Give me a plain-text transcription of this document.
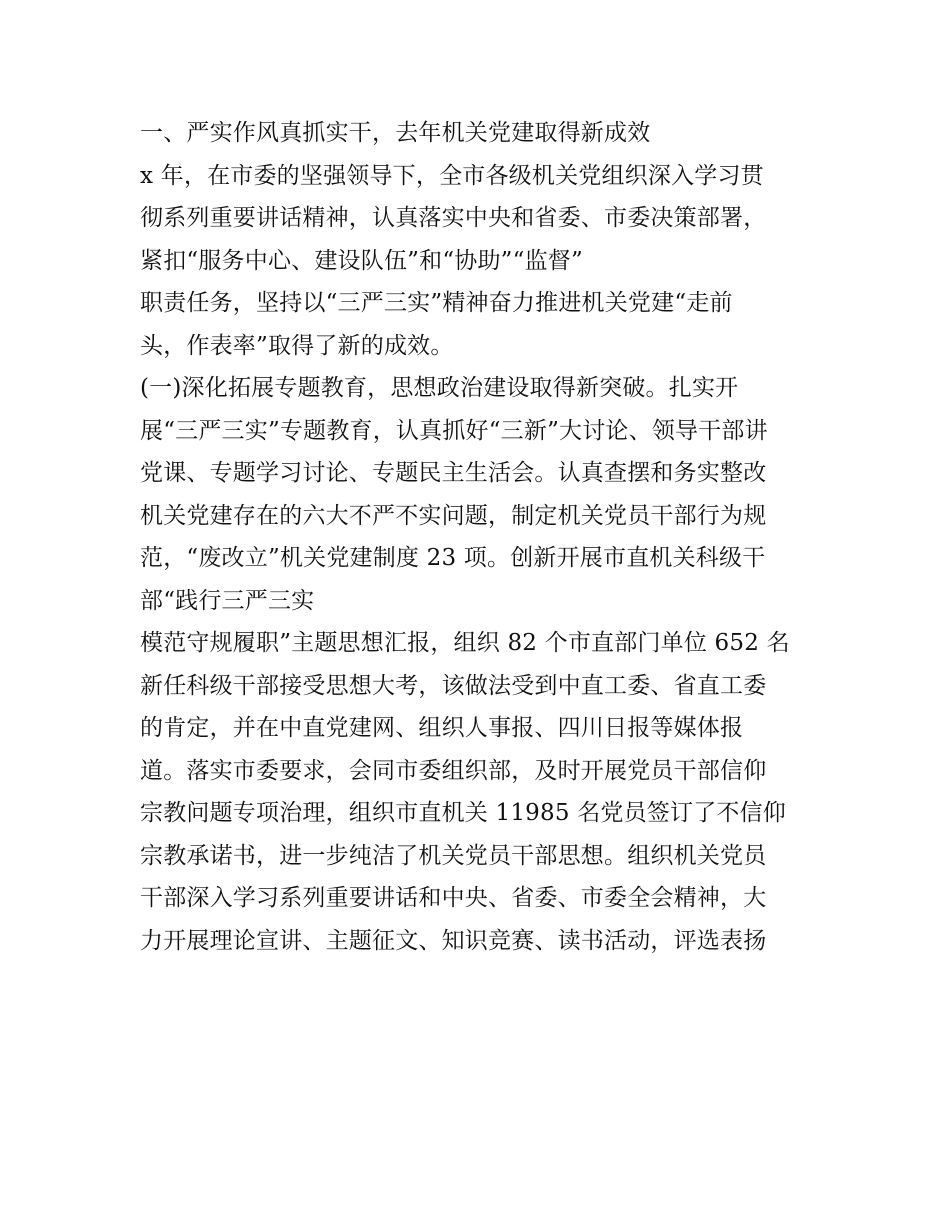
一、严实作风真抓实干，去年机关党建取得新成效
x 年，在市委的坚强领导下，全市各级机关党组织深入学习贯
彻系列重要讲话精神，认真落实中央和省委、市委决策部署，
紧扣“服务中心、建设队伍”和“协助”“监督”
职责任务，坚持以“三严三实”精神奋力推进机关党建“走前
头，作表率”取得了新的成效。
(一)深化拓展专题教育，思想政治建设取得新突破。扎实开
展“三严三实”专题教育，认真抓好“三新”大讨论、领导干部讲
党课、专题学习讨论、专题民主生活会。认真查摆和务实整改
机关党建存在的六大不严不实问题，制定机关党员干部行为规
范，“废改立”机关党建制度 23 项。创新开展市直机关科级干
部“践行三严三实
模范守规履职”主题思想汇报，组织 82 个市直部门单位 652 名
新任科级干部接受思想大考，该做法受到中直工委、省直工委
的肯定，并在中直党建网、组织人事报、四川日报等媒体报
道。落实市委要求，会同市委组织部，及时开展党员干部信仰
宗教问题专项治理，组织市直机关 11985 名党员签订了不信仰
宗教承诺书，进一步纯洁了机关党员干部思想。组织机关党员
干部深入学习系列重要讲话和中央、省委、市委全会精神，大
力开展理论宣讲、主题征文、知识竞赛、读书活动，评选表扬
